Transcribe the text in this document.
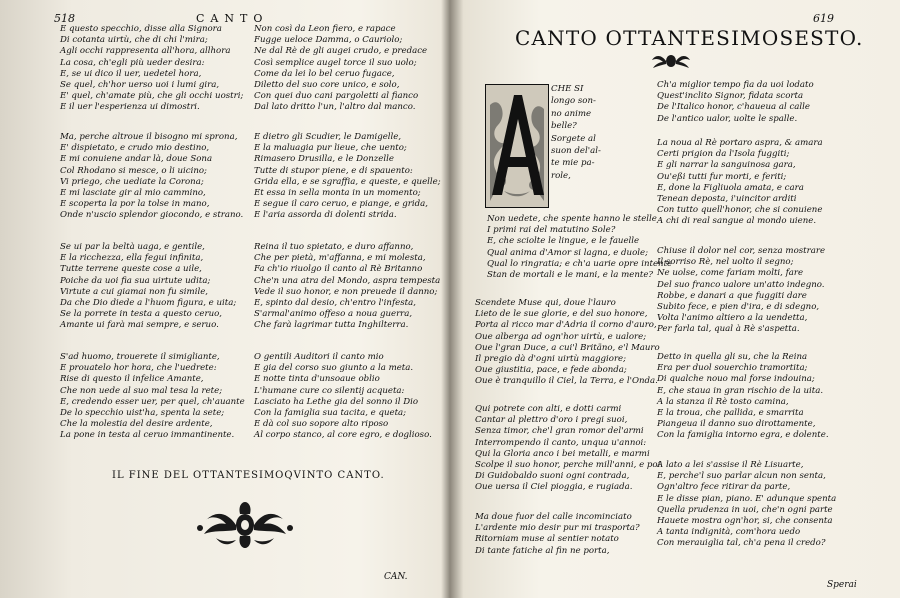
518	CANTO
E questo specchio, disse alla Signora
Di cotanta uirtù, che di chi l'mira;
Agli occhi rappresenta all'hora, allhora
La cosa, ch'egli più ueder desira:
E, se ui dico il uer, uedetel hora,
Se quel, ch'hor uerso uoi i lumi gira,
E' quel, ch'amate più, che gli occhi uostri;
E il uer l'esperienza ui dimostri.
Ma, perche altroue il bisogno mi sprona,
E' dispietato, e crudo mio destino,
E mi conuiene andar là, doue Sona
Col Rhodano si mesce, o li uicino;
Vi priego, che uediate la Corona;
E mi lasciate gir al mio cammino,
E scoperta la por la tolse in mano,
Onde n'uscio splendor giocondo, e strano.
Se ui par la beltà uaga, e gentile,
E la ricchezza, ella fegui infinita,
Tutte terrene queste cose a uile,
Poiche da uoi fia sua uirtute udita;
Virtute a cui giamai non fu simile,
Da che Dio diede a l'huom figura, e uita;
Se la porrete in testa a questo ceruo,
Amante ui farà mai sempre, e seruo.
S'ad huomo, trouerete il simigliante,
E prouatelo hor hora, che l'uedrete:
Rise di questo il infelice Amante,
Che non uede al suo mal tesa la rete;
E, credendo esser uer, per quel, ch'auante
De lo specchio uist'ha, spenta la sete;
Che la molestia del desire ardente,
La pone in testa al ceruo immantinente.
Non così da Leon fiero, e rapace
Fugge ueloce Damma, o Cauriolo;
Ne dal Rè de gli augei crudo, e predace
Così semplice augel torce il suo uolo;
Come da lei lo bel ceruo fugace,
Diletto del suo core unico, e solo,
Con quei duo cani pargoletti al fianco
Dal lato dritto l'un, l'altro dal manco.
E dietro gli Scudier, le Damigelle,
E la maluagia pur lieue, che uento;
Rimasero Drusilla, e le Donzelle
Tutte di stupor piene, e di spauento:
Grida ella, e se sgraffia, e queste, e quelle;
Et essa in sella monta in un momento;
E segue il caro ceruo, e piange, e grida,
E l'aria assorda di dolenti strida.
Reina il tuo spietato, e duro affanno,
Che per pietà, m'affanna, e mi molesta,
Fa ch'io riuolgo il canto al Rè Britanno
Che'n una atra del Mondo, aspra tempesta
Vede il suo honor, e non preuede il danno;
E, spinto dal desio, ch'entro l'infesta,
S'armal'animo offeso a noua guerra,
Che farà lagrimar tutta Inghilterra.
O gentili Auditori il canto mio
E gia del corso suo giunto a la meta.
E notte tinta d'unsoaue oblio
L'humane cure co silentij acqueta:
Lasciato ha Lethe gia del sonno il Dio
Con la famiglia sua tacita, e queta;
E dà col suo sopore alto riposo
Al corpo stanco, al core egro, e doglioso.
IL FINE DEL OTTANTESIMOQVINTO CANTO.
CAN.
CANTO OTTANTESIMOSESTO.
619
CHE SI
longo son-
no anime
belle?
Sorgete al
suon del'al-
te mie pa-
role,
Non uedete, che spente hanno le stelle
I primi rai del matutino Sole?
E, che sciolte le lingue, e le fauelle
Qual anima d'Amor si lagna, e duole;
Qual lo ringratia; e ch'a uarie opre intente
Stan de mortali e le mani, e la mente?
Scendete Muse qui, doue l'lauro
Lieto de le sue glorie, e del suo honore,
Porta al ricco mar d'Adria il corno d'auro,
Oue alberga ad ogn'hor uirtù, e ualore;
Oue l'gran Duce, a cui'l Britäno, e'l Mauro
Il pregio dà d'ogni uirtù maggiore;
Oue giustitia, pace, e fede abonda;
Oue è tranquillo il Ciel, la Terra, e l'Onda.
Qui potrete con alti, e dotti carmi
Cantar al plettro d'oro i pregi suoi,
Senza timor, che'l gran romor del'armi
Interrompendo il canto, unqua u'annoi:
Qui la Gloria anco i bei metalli, e marmi
Scolpe il suo honor, perche mill'anni, e poi
Di Guidobaldo suoni ogni contrada,
Oue uersa il Ciel pioggia, e rugiada.
Ma doue fuor del calle incominciato
L'ardente mio desir pur mi trasporta?
Ritorniam muse al sentier notato
Di tante fatiche al fin ne porta,
Ch'a miglior tempo fia da uoi lodato
Quest'inclito Signor, fidata scorta
De l'Italico honor, c'haueua al calle
De l'antico ualor, uolte le spalle.
La noua al Rè portaro aspra, & amara
Certi prigion da l'Isola fuggiti;
E gli narrar la sanguinosa gara,
Ou'eßi tutti fur morti, e feriti;
E, done la Figliuola amata, e cara
Tenean deposta, i'uincitor arditi
Con tutto quell'honor, che si conuiene
A chi di real sangue al mondo uiene.
Chiuse il dolor nel cor, senza mostrare
Il sorriso Rè, nel uolto il segno;
Ne uolse, come fariam molti, fare
Del suo franco ualore un'atto indegno.
Robbe, e danari a que fuggiti dare
Subito fece, e pien d'ira, e di sdegno,
Volta l'animo altiero a la uendetta,
Per farla tal, qual à Rè s'aspetta.
Detto in quella gli su, che la Reina
Era per duol souerchio tramortita;
Di qualche nouo mal forse indouina;
E, che staua in gran rischio de la uita.
A la stanza il Rè tosto camina,
E la troua, che pallida, e smarrita
Piangeua il danno suo dirottamente,
Con la famiglia intorno egra, e dolente.
A lato a lei s'assise il Rè Lisuarte,
E, perche'l suo parlar alcun non senta,
Ogn'altro fece ritirar da parte,
E le disse pian, piano. E' adunque spenta
Quella prudenza in uoi, che'n ogni parte
Hauete mostra ogn'hor, si, che consenta
A tanta indignità, com'hora uedo
Con merauiglia tal, ch'a pena il credo?
Sperai
